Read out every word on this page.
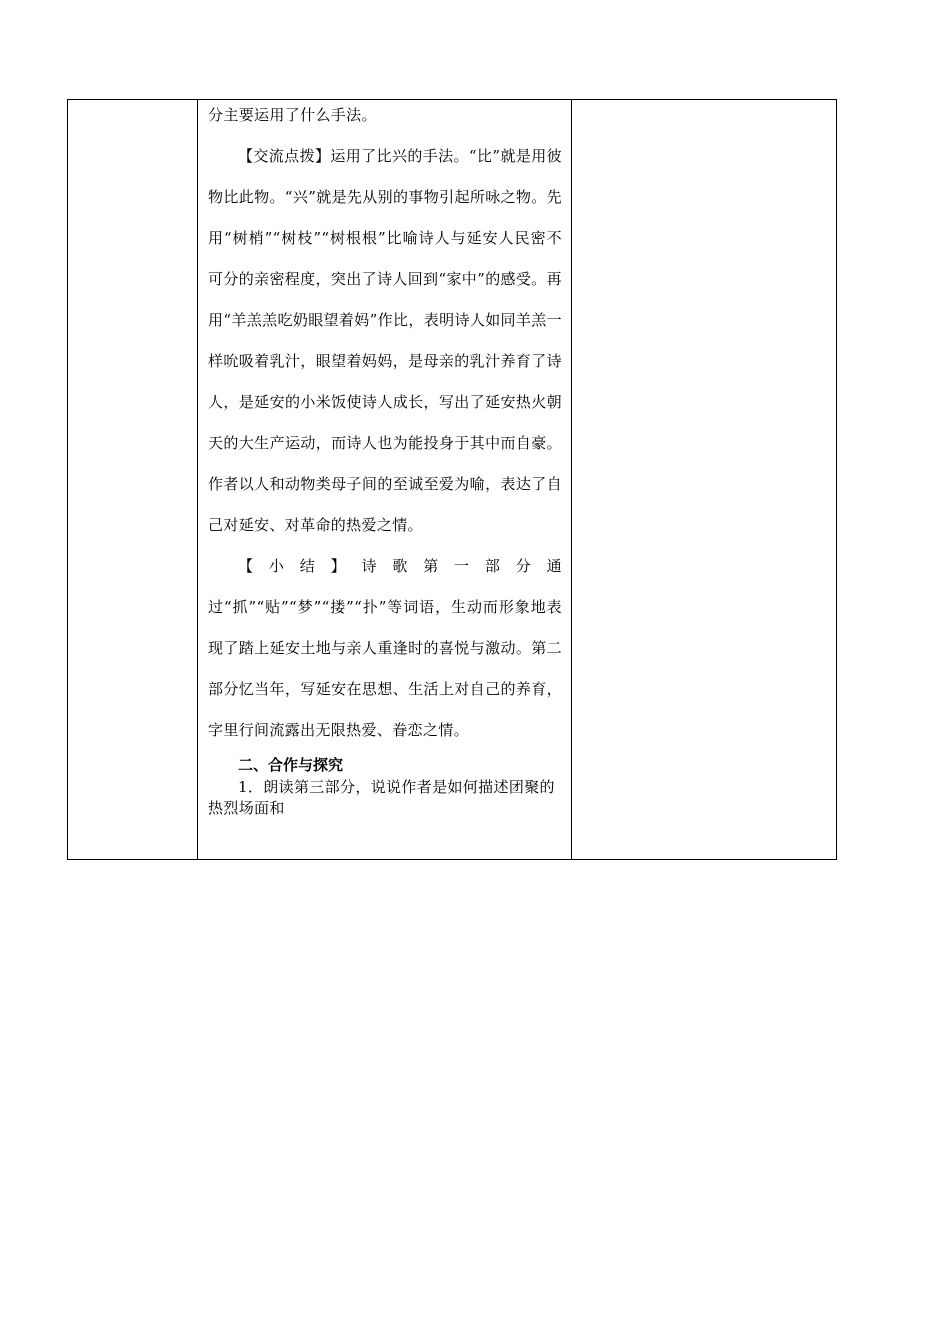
分主要运用了什么手法。

【交流点拨】运用了比兴的手法。“比”就是用彼物比此物。“兴”就是先从别的事物引起所咏之物。先用“树梢”“树枝”“树根根”比喻诗人与延安人民密不可分的亲密程度，突出了诗人回到“家中”的感受。再用“羊羔羔吃奶眼望着妈”作比，表明诗人如同羊羔一样吮吸着乳汁，眼望着妈妈，是母亲的乳汁养育了诗人，是延安的小米饭使诗人成长，写出了延安热火朝天的大生产运动，而诗人也为能投身于其中而自豪。作者以人和动物类母子间的至诚至爱为喻，表达了自己对延安、对革命的热爱之情。

【小结】诗歌第一部分通过“抓”“贴”“梦”“搂”“扑”等词语，生动而形象地表现了踏上延安土地与亲人重逢时的喜悦与激动。第二部分忆当年，写延安在思想、生活上对自己的养育，字里行间流露出无限热爱、眷恋之情。

二、合作与探究

1．朗读第三部分，说说作者是如何描述团聚的热烈场面和
